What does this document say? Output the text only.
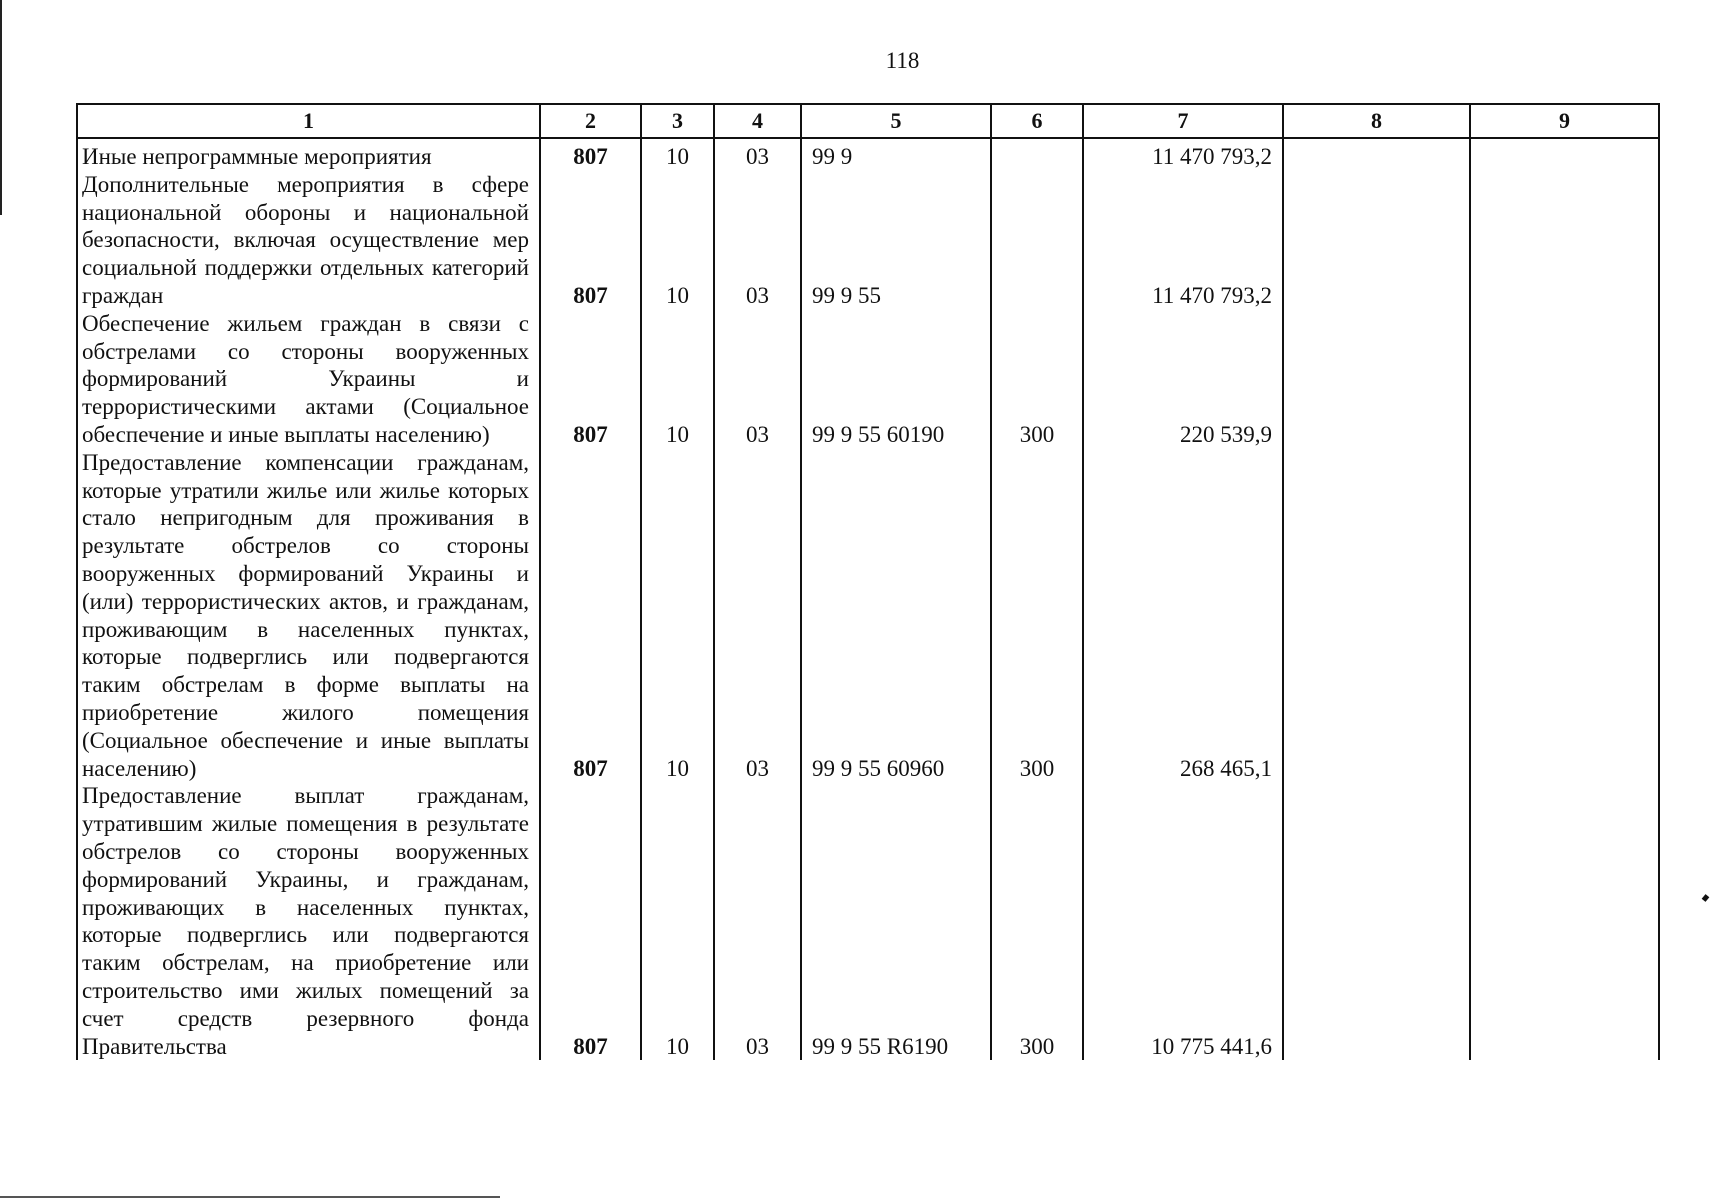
118
1	2	3	4	5	6	7	8	9
Иные непрограммные мероприятия	807	10	03	99 9		11 470 793,2		
Дополнительные мероприятия в сфере национальной обороны и национальной безопасности, включая осуществление мер социальной поддержки отдельных категорий граждан	807	10	03	99 9 55		11 470 793,2		
Обеспечение жильем граждан в связи с обстрелами со стороны вооруженных формирований Украины и террористическими актами (Социальное обеспечение и иные выплаты населению)	807	10	03	99 9 55 60190	300	220 539,9		
Предоставление компенсации гражданам, которые утратили жилье или жилье которых стало непригодным для проживания в результате обстрелов со стороны вооруженных формирований Украины и (или) террористических актов, и гражданам, проживающим в населенных пунктах, которые подверглись или подвергаются таким обстрелам в форме выплаты на приобретение жилого помещения (Социальное обеспечение и иные выплаты населению)	807	10	03	99 9 55 60960	300	268 465,1		
Предоставление выплат гражданам, утратившим жилые помещения в результате обстрелов со стороны вооруженных формирований Украины, и гражданам, проживающих в населенных пунктах, которые подверглись или подвергаются таким обстрелам, на приобретение или строительство ими жилых помещений за счет средств резервного фонда Правительства	807	10	03	99 9 55 R6190	300	10 775 441,6		
